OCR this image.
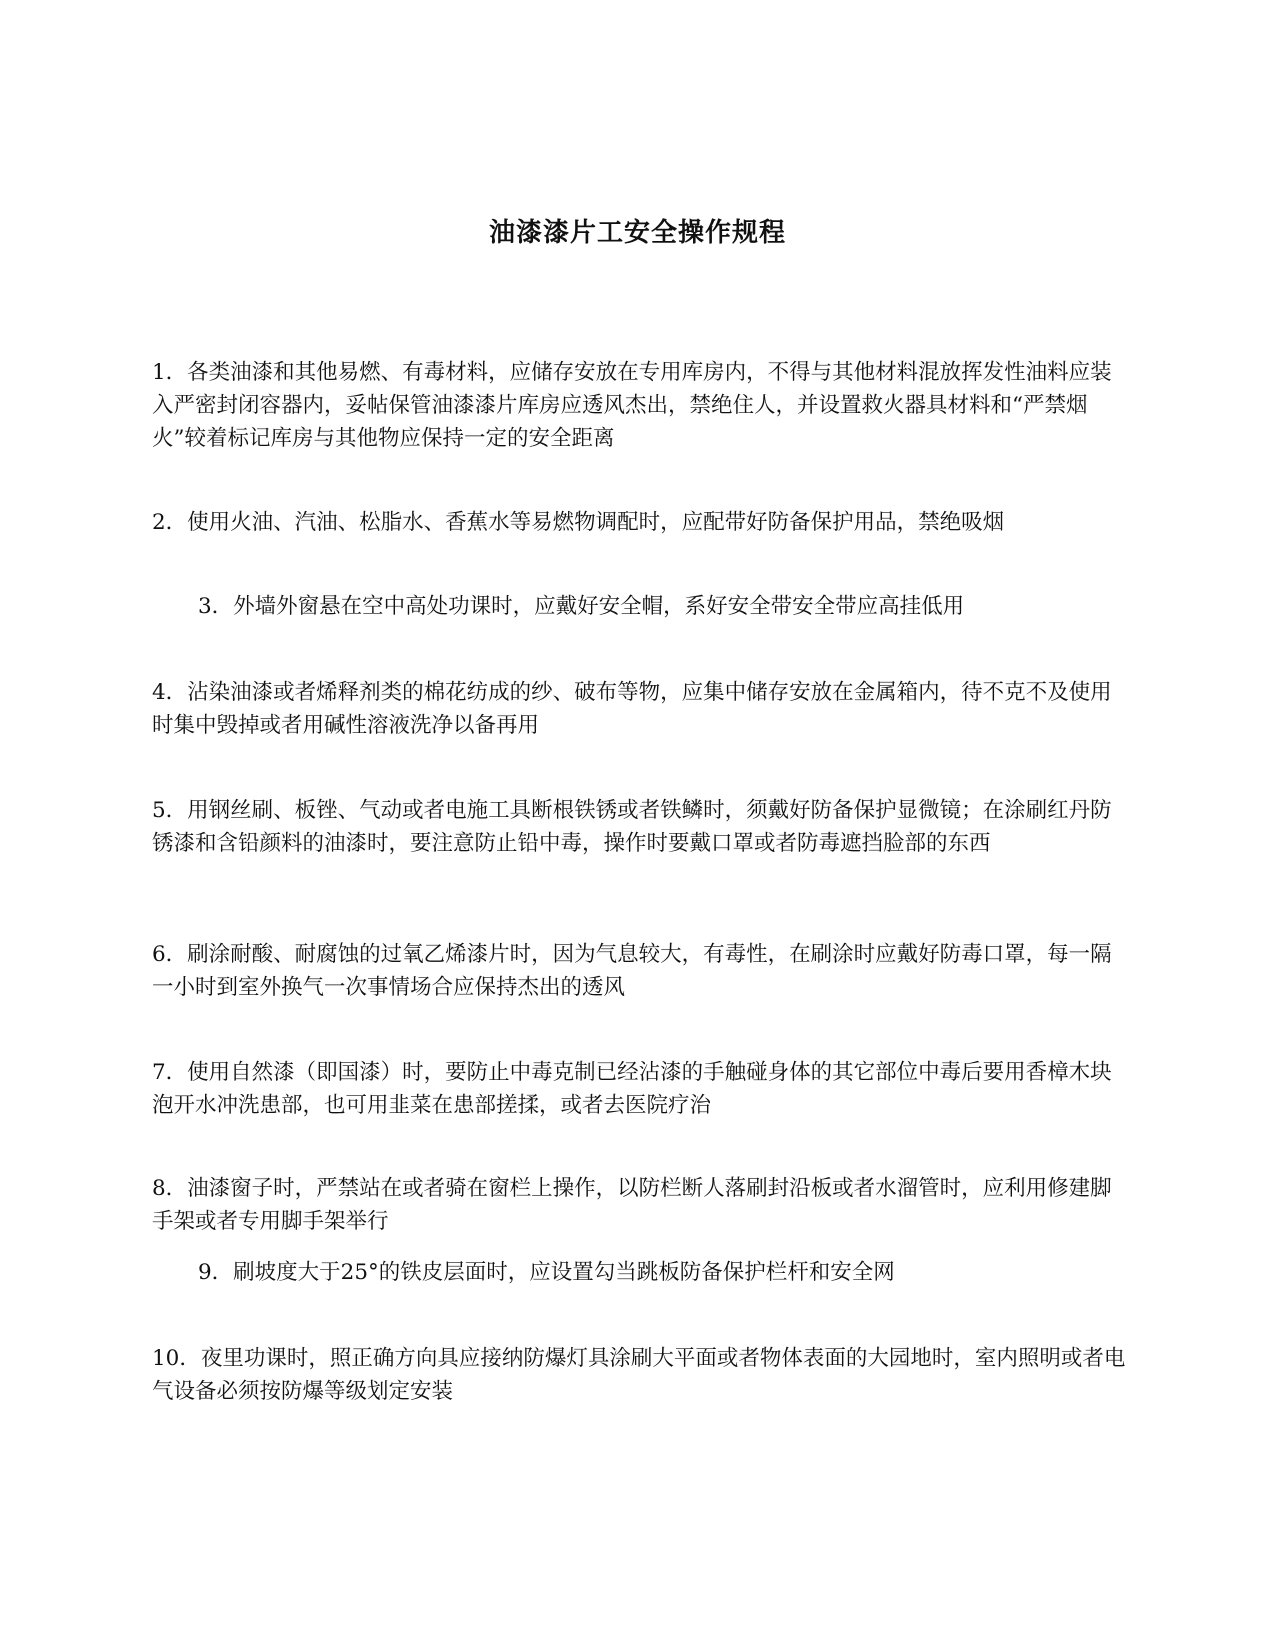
油漆漆片工安全操作规程

1．各类油漆和其他易燃、有毒材料，应储存安放在专用库房内，不得与其他材料混放挥发性油料应装入严密封闭容器内，妥帖保管油漆漆片库房应透风杰出，禁绝住人，并设置救火器具材料和“严禁烟火”较着标记库房与其他物应保持一定的安全距离

2．使用火油、汽油、松脂水、香蕉水等易燃物调配时，应配带好防备保护用品，禁绝吸烟

3．外墙外窗悬在空中高处功课时，应戴好安全帽，系好安全带安全带应高挂低用

4．沾染油漆或者烯释剂类的棉花纺成的纱、破布等物，应集中储存安放在金属箱内，待不克不及使用时集中毁掉或者用碱性溶液洗净以备再用

5．用钢丝刷、板锉、气动或者电施工具断根铁锈或者铁鳞时，须戴好防备保护显微镜；在涂刷红丹防锈漆和含铅颜料的油漆时，要注意防止铅中毒，操作时要戴口罩或者防毒遮挡脸部的东西

6．刷涂耐酸、耐腐蚀的过氧乙烯漆片时，因为气息较大，有毒性，在刷涂时应戴好防毒口罩，每一隔一小时到室外换气一次事情场合应保持杰出的透风

7．使用自然漆（即国漆）时，要防止中毒克制已经沾漆的手触碰身体的其它部位中毒后要用香樟木块泡开水冲洗患部，也可用韭菜在患部搓揉，或者去医院疗治

8．油漆窗子时，严禁站在或者骑在窗栏上操作，以防栏断人落刷封沿板或者水溜管时，应利用修建脚手架或者专用脚手架举行

9．刷坡度大于25°的铁皮层面时，应设置勾当跳板防备保护栏杆和安全网

10．夜里功课时，照正确方向具应接纳防爆灯具涂刷大平面或者物体表面的大园地时，室内照明或者电气设备必须按防爆等级划定安装
